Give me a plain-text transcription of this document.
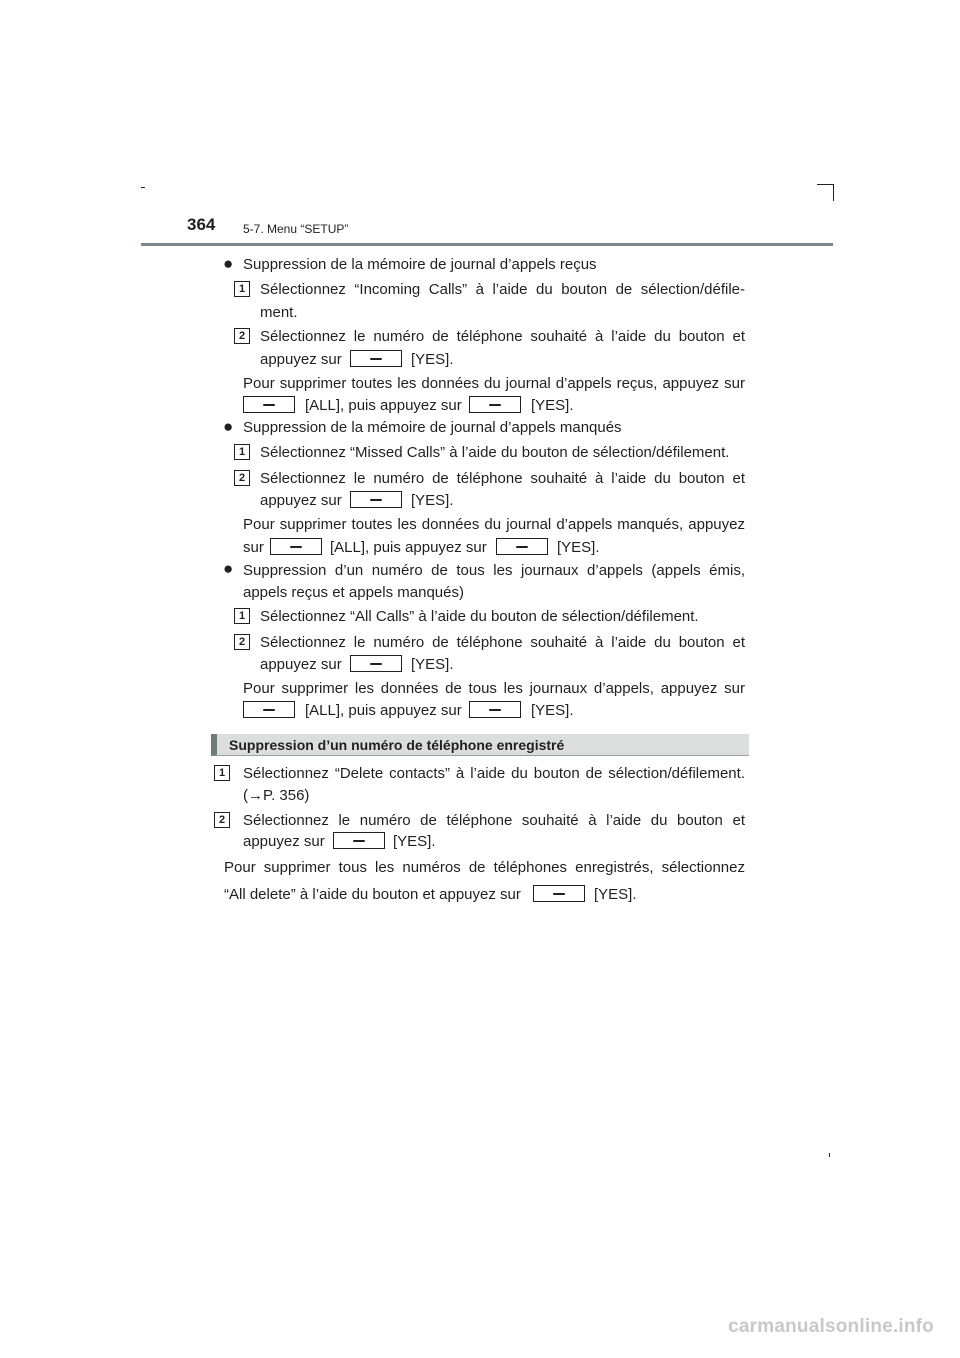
364 5-7. Menu “SETUP”
● Suppression de la mémoire de journal d’appels reçus
1 Sélectionnez “Incoming Calls” à l’aide du bouton de sélection/défile-
ment.
2 Sélectionnez le numéro de téléphone souhaité à l’aide du bouton et
appuyez sur	[YES].
Pour supprimer toutes les données du journal d’appels reçus, appuyez sur
[ALL], puis appuyez sur	[YES].
● Suppression de la mémoire de journal d’appels manqués
1 Sélectionnez “Missed Calls” à l’aide du bouton de sélection/défilement.
2 Sélectionnez le numéro de téléphone souhaité à l’aide du bouton et
appuyez sur	[YES].
Pour supprimer toutes les données du journal d’appels manqués, appuyez
sur	[ALL], puis appuyez sur	[YES].
● Suppression d’un numéro de tous les journaux d’appels (appels émis,
appels reçus et appels manqués)
1 Sélectionnez “All Calls” à l’aide du bouton de sélection/défilement.
2 Sélectionnez le numéro de téléphone souhaité à l’aide du bouton et
appuyez sur	[YES].
Pour supprimer les données de tous les journaux d’appels, appuyez sur
[ALL], puis appuyez sur	[YES].
Suppression d’un numéro de téléphone enregistré
1	Sélectionnez “Delete contacts” à l’aide du bouton de sélection/défilement.
(→P. 356)
2	Sélectionnez le numéro de téléphone souhaité à l’aide du bouton et
appuyez sur	[YES].
Pour supprimer tous les numéros de téléphones enregistrés, sélectionnez
“All delete” à l’aide du bouton et appuyez sur	[YES].
carmanualsonline.info
